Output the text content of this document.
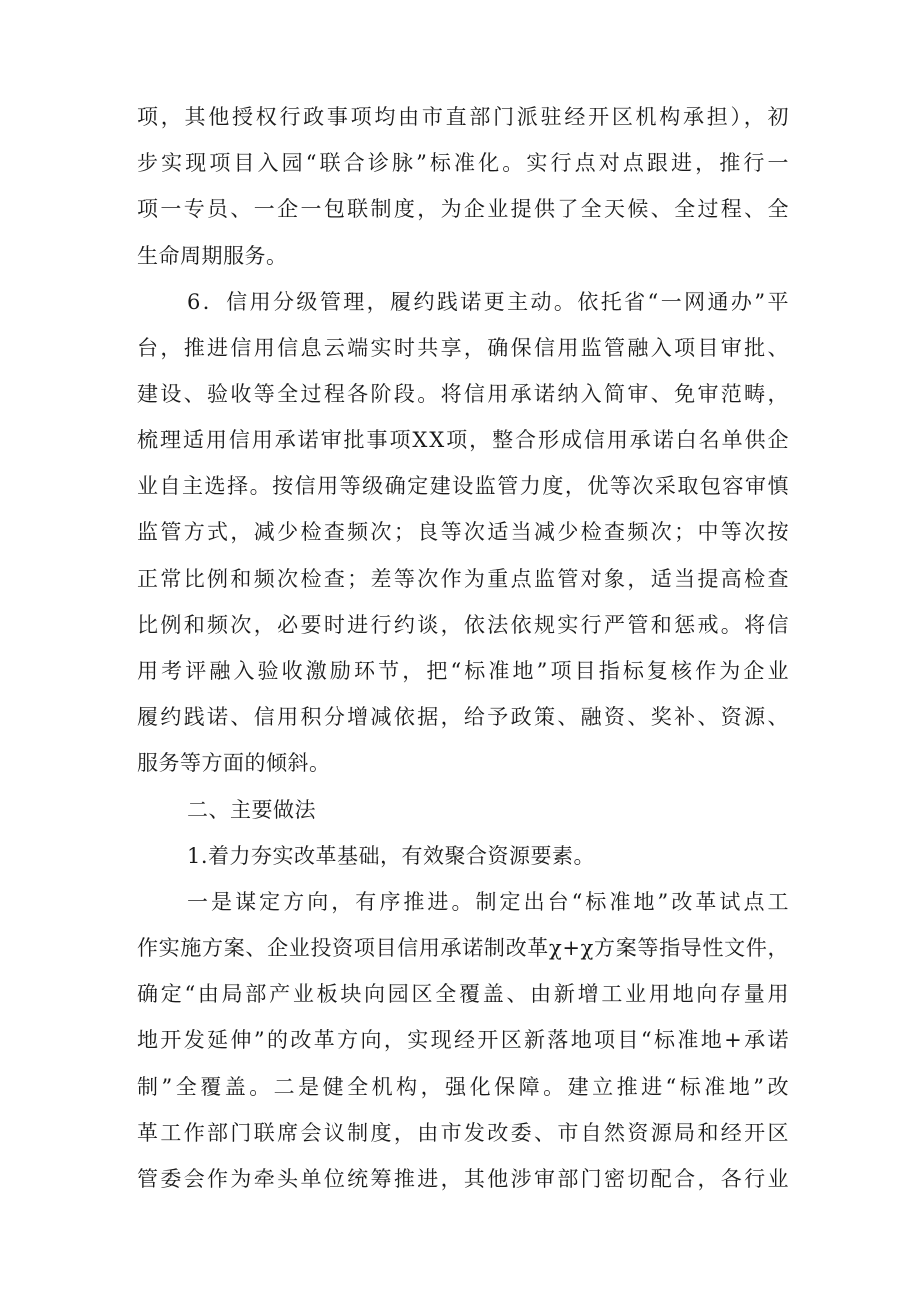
项，其他授权行政事项均由市直部门派驻经开区机构承担），初
步实现项目入园“联合诊脉”标准化。实行点对点跟进，推行一
项一专员、一企一包联制度，为企业提供了全天候、全过程、全
生命周期服务。
6．信用分级管理，履约践诺更主动。依托省“一网通办”平
台，推进信用信息云端实时共享，确保信用监管融入项目审批、
建设、验收等全过程各阶段。将信用承诺纳入简审、免审范畴，
梳理适用信用承诺审批事项XX项，整合形成信用承诺白名单供企
业自主选择。按信用等级确定建设监管力度，优等次采取包容审慎
监管方式，减少检查频次；良等次适当减少检查频次；中等次按
正常比例和频次检查；差等次作为重点监管对象，适当提高检查
比例和频次，必要时进行约谈，依法依规实行严管和惩戒。将信
用考评融入验收激励环节，把“标准地”项目指标复核作为企业
履约践诺、信用积分增减依据，给予政策、融资、奖补、资源、
服务等方面的倾斜。
二、主要做法
1.着力夯实改革基础，有效聚合资源要素。
一是谋定方向，有序推进。制定出台“标准地”改革试点工
作实施方案、企业投资项目信用承诺制改革χ+χ方案等指导性文件，
确定“由局部产业板块向园区全覆盖、由新增工业用地向存量用
地开发延伸”的改革方向，实现经开区新落地项目“标准地+承诺
制”全覆盖。二是健全机构，强化保障。建立推进“标准地”改
革工作部门联席会议制度，由市发改委、市自然资源局和经开区
管委会作为牵头单位统筹推进，其他涉审部门密切配合，各行业
